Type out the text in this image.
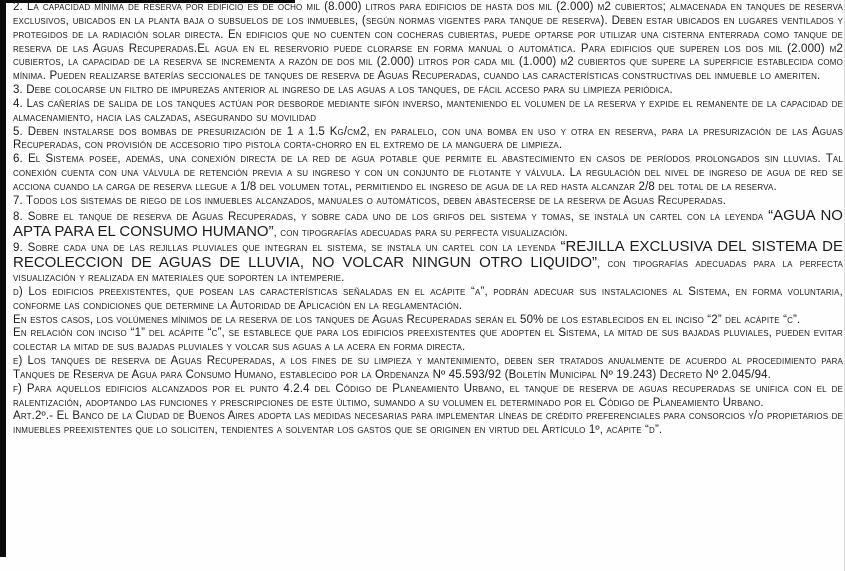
2. La capacidad mínima de reserva por edificio es de ocho mil (8.000) litros para edificios de hasta dos mil (2.000) m2 cubiertos; almacenada en tanques de reserva exclusivos, ubicados en la planta baja o subsuelos de los inmuebles, (según normas vigentes para tanque de reserva). Deben estar ubicados en lugares ventilados y protegidos de la radiación solar directa. En edificios que no cuenten con cocheras cubiertas, puede optarse por utilizar una cisterna enterrada como tanque de reserva de las Aguas Recuperadas.El agua en el reservorio puede clorarse en forma manual o automática. Para edificios que superen los dos mil (2.000) m2 cubiertos, la capacidad de la reserva se incrementa a razón de dos mil (2.000) litros por cada mil (1.000) m2 cubiertos que supere la superficie establecida como mínima. Pueden realizarse baterías seccionales de tanques de reserva de Aguas Recuperadas, cuando las características constructivas del inmueble lo ameriten.

3. Debe colocarse un filtro de impurezas anterior al ingreso de las aguas a los tanques, de fácil acceso para su limpieza periódica.

4. Las cañerías de salida de los tanques actúan por desborde mediante sifón inverso, manteniendo el volumen de la reserva y expide el remanente de la capacidad de almacenamiento, hacia las calzadas, asegurando su movilidad

5. Deben instalarse dos bombas de presurización de 1 a 1.5 Kg/cm2, en paralelo, con una bomba en uso y otra en reserva, para la presurización de las Aguas Recuperadas, con provisión de accesorio tipo pistola corta-chorro en el extremo de la manguera de limpieza.

6. El Sistema posee, además, una conexión directa de la red de agua potable que permite el abastecimiento en casos de períodos prolongados sin lluvias. Tal conexión cuenta con una válvula de retención previa a su ingreso y con un conjunto de flotante y válvula. La regulación del nivel de ingreso de agua de red se acciona cuando la carga de reserva llegue a 1/8 del volumen total, permitiendo el ingreso de agua de la red hasta alcanzar 2/8 del total de la reserva.

7. Todos los sistemas de riego de los inmuebles alcanzados, manuales o automáticos, deben abastecerse de la reserva de Aguas Recuperadas.

8. Sobre el tanque de reserva de Aguas Recuperadas, y sobre cada uno de los grifos del sistema y tomas, se instala un cartel con la leyenda “AGUA NO APTA PARA EL CONSUMO HUMANO”, con tipografías adecuadas para su perfecta visualización.

9. Sobre cada una de las rejillas pluviales que integran el sistema, se instala un cartel con la leyenda “REJILLA EXCLUSIVA DEL SISTEMA DE RECOLECCION DE AGUAS DE LLUVIA, NO VOLCAR NINGUN OTRO LIQUIDO”, con tipografías adecuadas para la perfecta visualización y realizada en materiales que soporten la intemperie.

d) Los edificios preexistentes, que posean las características señaladas en el acápite “a”, podrán adecuar sus instalaciones al Sistema, en forma voluntaria, conforme las condiciones que determine la Autoridad de Aplicación en la reglamentación.

En estos casos, los volúmenes mínimos de la reserva de los tanques de Aguas Recuperadas serán el 50% de los establecidos en el inciso “2” del acápite “c”.

En relación con inciso “1” del acápite “c”, se establece que para los edificios preexistentes que adopten el Sistema, la mitad de sus bajadas pluviales, pueden evitar colectar la mitad de sus bajadas pluviales y volcar sus aguas a la acera en forma directa.

e) Los tanques de reserva de Aguas Recuperadas, a los fines de su limpieza y mantenimiento, deben ser tratados anualmente de acuerdo al procedimiento para Tanques de Reserva de Agua para Consumo Humano, establecido por la Ordenanza Nº 45.593/92 (Boletín Municipal Nº 19.243) Decreto Nº 2.045/94.

f) Para aquellos edificios alcanzados por el punto 4.2.4 del Código de Planeamiento Urbano, el tanque de reserva de aguas recuperadas se unifica con el de ralentización, adoptando las funciones y prescripciones de este último, sumando a su volumen el determinado por el Código de Planeamiento Urbano.

Art.2º.- El Banco de la Ciudad de Buenos Aires adopta las medidas necesarias para implementar líneas de crédito preferenciales para consorcios y/o propietarios de inmuebles preexistentes que lo soliciten, tendientes a solventar los gastos que se originen en virtud del Artículo 1º, acápite “d”.
